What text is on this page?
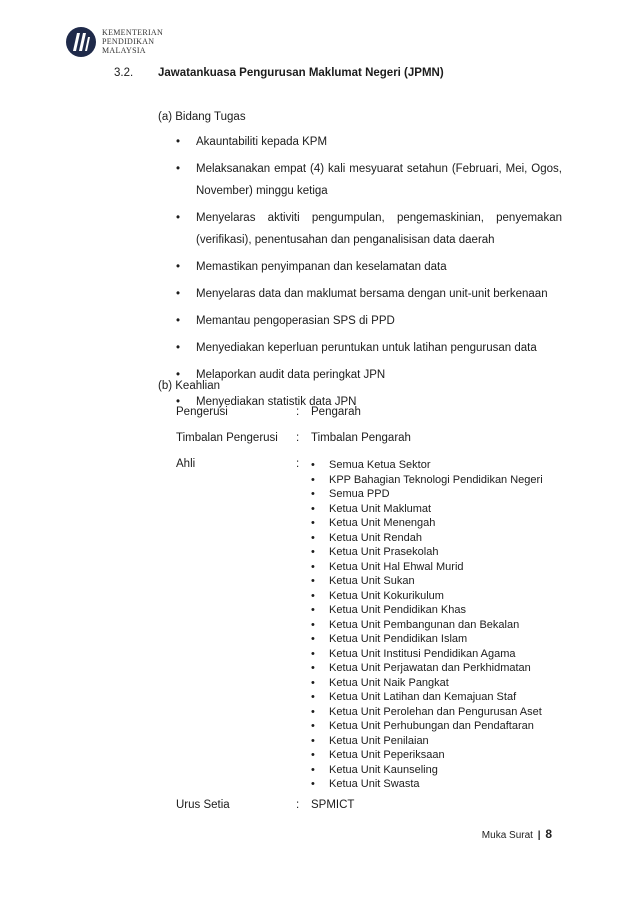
KEMENTERIAN
PENDIDIKAN
MALAYSIA
3.2. Jawatankuasa Pengurusan Maklumat Negeri (JPMN)
(a) Bidang Tugas
• Akauntabiliti kepada KPM
• Melaksanakan empat (4) kali mesyuarat setahun (Februari, Mei, Ogos, November) minggu ketiga
• Menyelaras aktiviti pengumpulan, pengemaskinian, penyemakan (verifikasi), penentusahan dan penganalisisan data daerah
• Memastikan penyimpanan dan keselamatan data
• Menyelaras data dan maklumat bersama dengan unit-unit berkenaan
• Memantau pengoperasian SPS di PPD
• Menyediakan keperluan peruntukan untuk latihan pengurusan data
• Melaporkan audit data peringkat JPN
• Menyediakan statistik data JPN
(b) Keahlian
Pengerusi	: Pengarah
Timbalan Pengerusi : Timbalan Pengarah
Ahli	: • Semua Ketua Sektor
• KPP Bahagian Teknologi Pendidikan Negeri
• Semua PPD
• Ketua Unit Maklumat
• Ketua Unit Menengah
• Ketua Unit Rendah
• Ketua Unit Prasekolah
• Ketua Unit Hal Ehwal Murid
• Ketua Unit Sukan
• Ketua Unit Kokurikulum
• Ketua Unit Pendidikan Khas
• Ketua Unit Pembangunan dan Bekalan
• Ketua Unit Pendidikan Islam
• Ketua Unit Institusi Pendidikan Agama
• Ketua Unit Perjawatan dan Perkhidmatan
• Ketua Unit Naik Pangkat
• Ketua Unit Latihan dan Kemajuan Staf
• Ketua Unit Perolehan dan Pengurusan Aset
• Ketua Unit Perhubungan dan Pendaftaran
• Ketua Unit Penilaian
• Ketua Unit Peperiksaan
• Ketua Unit Kaunseling
• Ketua Unit Swasta
Urus Setia	: SPMICT
Muka Surat | 8
